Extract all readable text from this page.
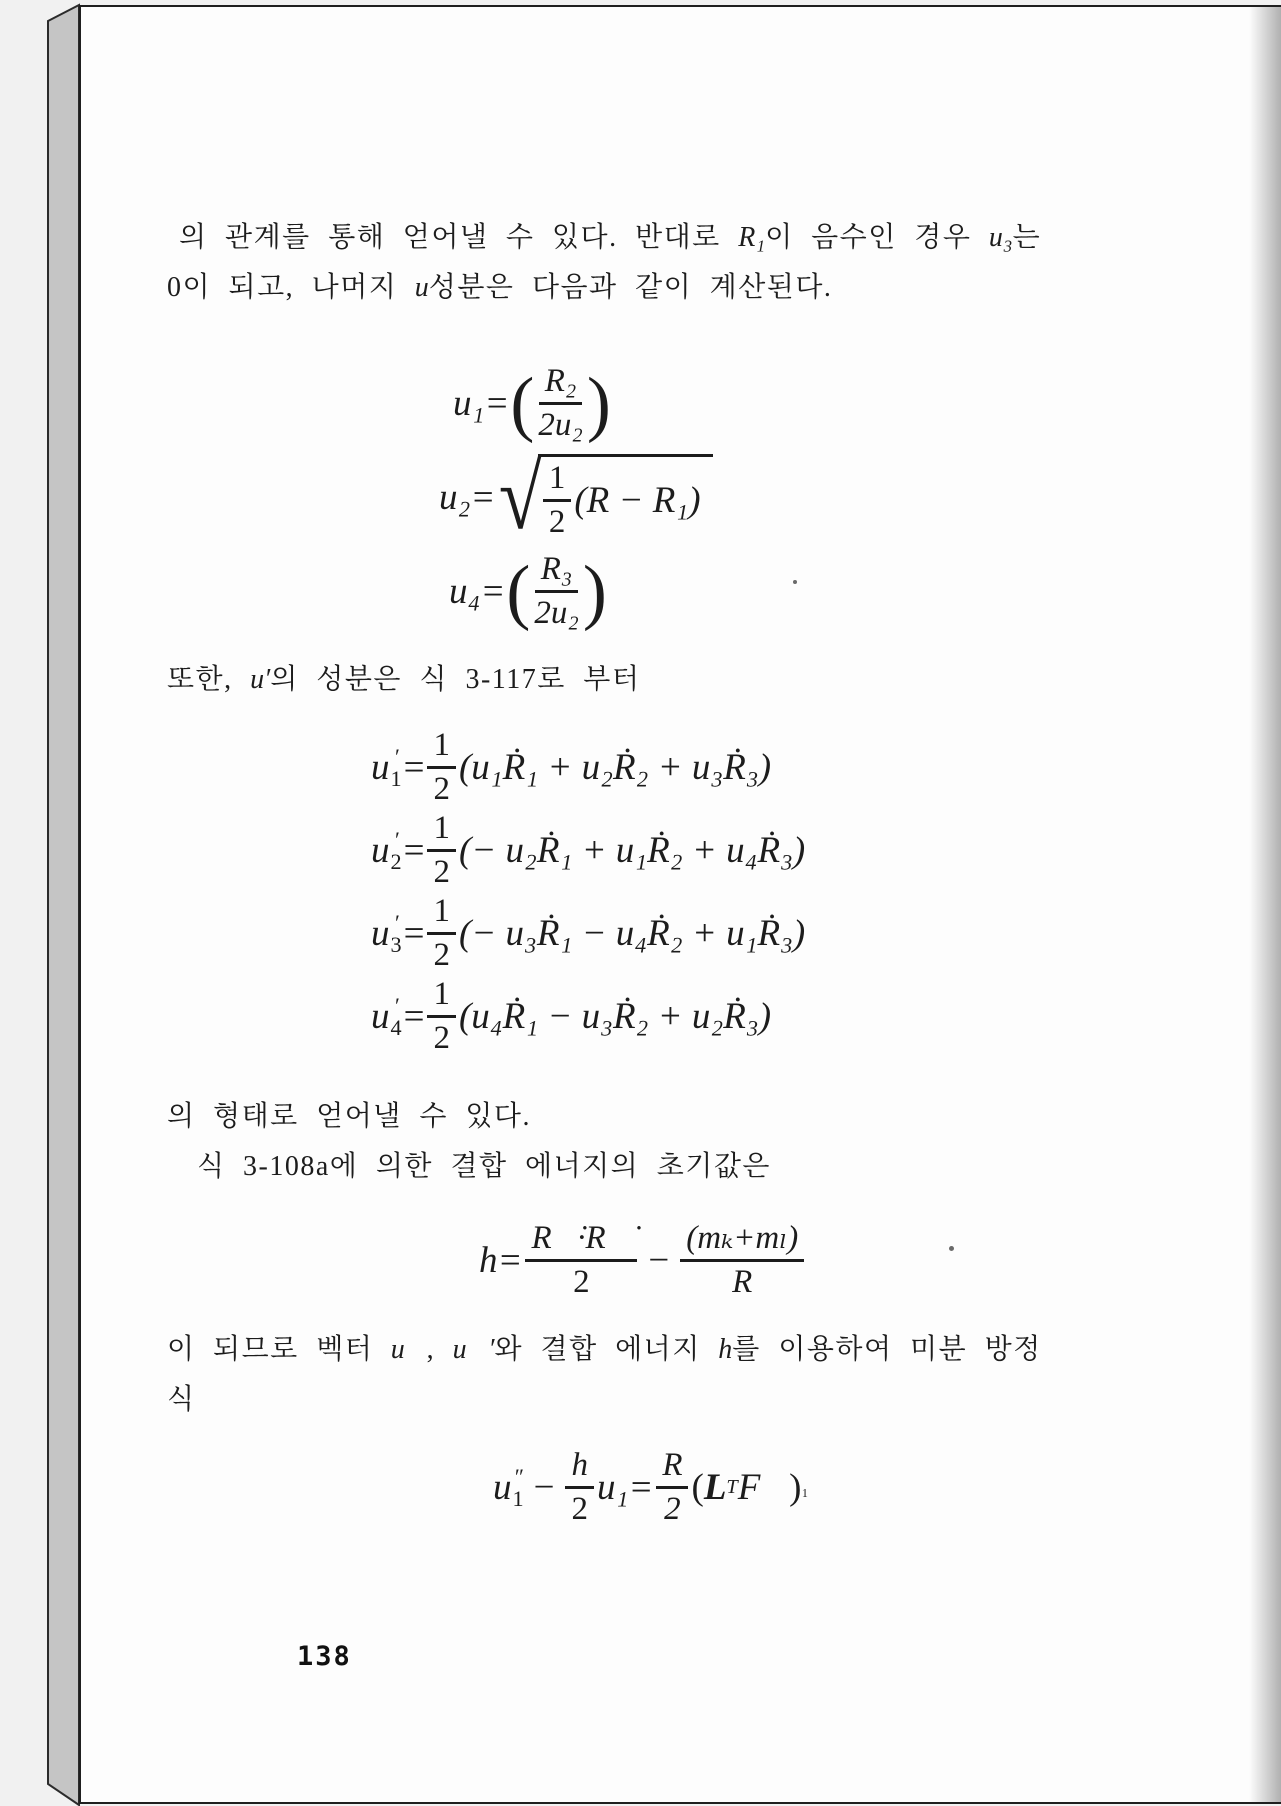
의 관계를 통해 얻어낼 수 있다. 반대로 R₁이 음수인 경우 u₃는
0이 되고, 나머지 u성분은 다음과 같이 계산된다.
u₁= ( $\frac{\text{R₂}}{\text{2u₂}}$ )
u₂= √ $\frac{1}{2} (R - R_1)$
u₄= ( $\frac{\text{R₃}}{\text{2u₂}}$ )
또한, u′의 성분은 식 3-117로 부터
u ′
$1 = \frac{1}{2}$ (u₁Ṙ₁ + u₂Ṙ₂ + u₃Ṙ₃)
u ′
$2 = \frac{1}{2}$ (− u₂Ṙ₁ + u₁Ṙ₂ + u₄Ṙ₃)
u ′
$3 = \frac{1}{2}$ (− u₃Ṙ₁ − u₄Ṙ₂ + u₁Ṙ₃)
u ′
$4 = \frac{1}{2}$ (u₄Ṙ₁ − u₃Ṙ₂ + u₂Ṙ₃)
의 형태로 얻어낼 수 있다.
식 3-108a에 의한 결합 에너지의 초기값은
$h= \frac{R⃗̇\cdot R⃗̇}{2} - \frac{\text{(mₖ+mₗ)}}{R}$
이 되므로 벡터 u⃗, u⃗′와 결합 에너지 h를 이용하여 미분 방정
식
u ″
$1 - \frac{h}{2} u_1= \frac{R}{2}$ ( L T F⃗ ) ₁
138
